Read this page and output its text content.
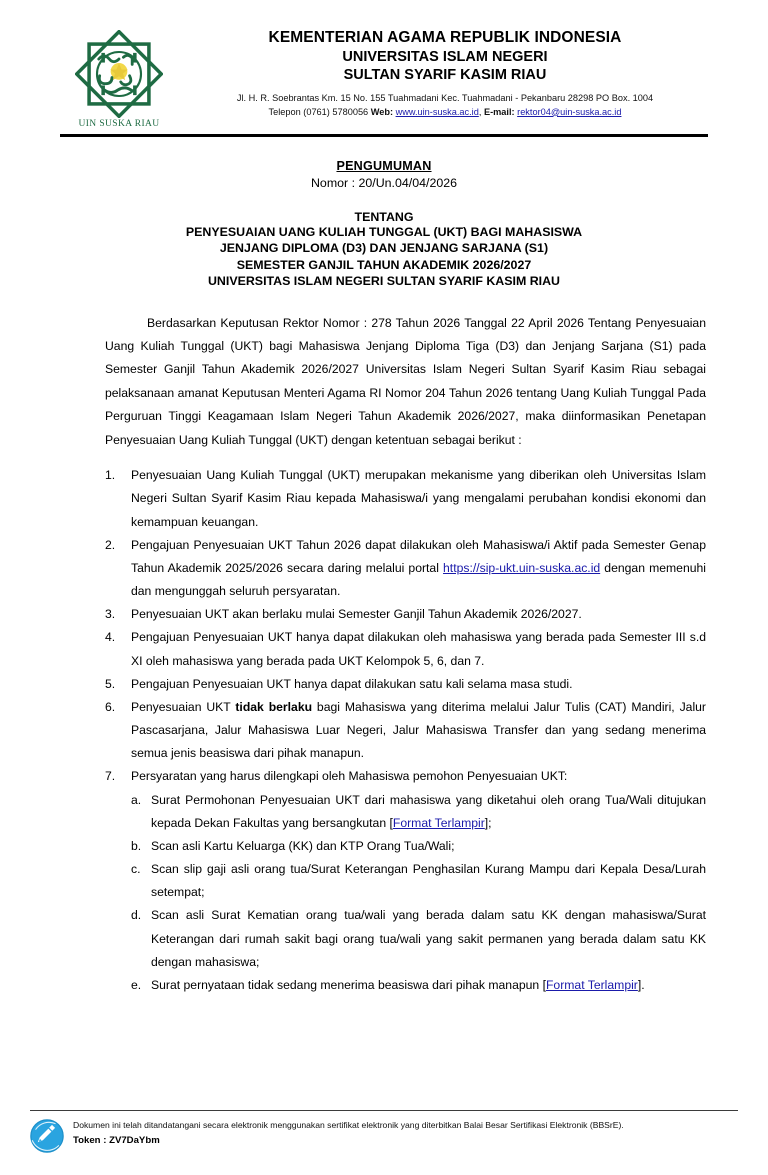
UIN SUSKA RIAU
KEMENTERIAN AGAMA REPUBLIK INDONESIA
UNIVERSITAS ISLAM NEGERI
SULTAN SYARIF KASIM RIAU
Jl. H. R. Soebrantas Km. 15 No. 155 Tuahmadani Kec. Tuahmadani - Pekanbaru 28298 PO Box. 1004
Telepon (0761) 5780056 Web: www.uin-suska.ac.id, E-mail: rektor04@uin-suska.ac.id
PENGUMUMAN
Nomor : 20/Un.04/04/2026
TENTANG
PENYESUAIAN UANG KULIAH TUNGGAL (UKT) BAGI MAHASISWA
JENJANG DIPLOMA (D3) DAN JENJANG SARJANA (S1)
SEMESTER GANJIL TAHUN AKADEMIK 2026/2027
UNIVERSITAS ISLAM NEGERI SULTAN SYARIF KASIM RIAU

Berdasarkan Keputusan Rektor Nomor : 278 Tahun 2026 Tanggal 22 April 2026 Tentang Penyesuaian Uang Kuliah Tunggal (UKT) bagi Mahasiswa Jenjang Diploma Tiga (D3) dan Jenjang Sarjana (S1) pada Semester Ganjil Tahun Akademik 2026/2027 Universitas Islam Negeri Sultan Syarif Kasim Riau sebagai pelaksanaan amanat Keputusan Menteri Agama RI Nomor 204 Tahun 2026 tentang Uang Kuliah Tunggal Pada Perguruan Tinggi Keagamaan Islam Negeri Tahun Akademik 2026/2027, maka diinformasikan Penetapan Penyesuaian Uang Kuliah Tunggal (UKT) dengan ketentuan sebagai berikut :

1.	Penyesuaian Uang Kuliah Tunggal (UKT) merupakan mekanisme yang diberikan oleh Universitas Islam Negeri Sultan Syarif Kasim Riau kepada Mahasiswa/i yang mengalami perubahan kondisi ekonomi dan kemampuan keuangan.
2.	Pengajuan Penyesuaian UKT Tahun 2026 dapat dilakukan oleh Mahasiswa/i Aktif pada Semester Genap Tahun Akademik 2025/2026 secara daring melalui portal https://sip-ukt.uin-suska.ac.id dengan memenuhi dan mengunggah seluruh persyaratan.
3.	Penyesuaian UKT akan berlaku mulai Semester Ganjil Tahun Akademik 2026/2027.
4.	Pengajuan Penyesuaian UKT hanya dapat dilakukan oleh mahasiswa yang berada pada Semester III s.d XI oleh mahasiswa yang berada pada UKT Kelompok 5, 6, dan 7.
5.	Pengajuan Penyesuaian UKT hanya dapat dilakukan satu kali selama masa studi.
6.	Penyesuaian UKT tidak berlaku bagi Mahasiswa yang diterima melalui Jalur Tulis (CAT) Mandiri, Jalur Pascasarjana, Jalur Mahasiswa Luar Negeri, Jalur Mahasiswa Transfer dan yang sedang menerima semua jenis beasiswa dari pihak manapun.
7.	Persyaratan yang harus dilengkapi oleh Mahasiswa pemohon Penyesuaian UKT:
a. Surat Permohonan Penyesuaian UKT dari mahasiswa yang diketahui oleh orang Tua/Wali ditujukan kepada Dekan Fakultas yang bersangkutan [Format Terlampir];
b. Scan asli Kartu Keluarga (KK) dan KTP Orang Tua/Wali;
c. Scan slip gaji asli orang tua/Surat Keterangan Penghasilan Kurang Mampu dari Kepala Desa/Lurah setempat;
d. Scan asli Surat Kematian orang tua/wali yang berada dalam satu KK dengan mahasiswa/Surat Keterangan dari rumah sakit bagi orang tua/wali yang sakit permanen yang berada dalam satu KK dengan mahasiswa;
e. Surat pernyataan tidak sedang menerima beasiswa dari pihak manapun [Format Terlampir].
Dokumen ini telah ditandatangani secara elektronik menggunakan sertifikat elektronik yang diterbitkan Balai Besar Sertifikasi Elektronik (BBSrE).
Token : ZV7DaYbm
